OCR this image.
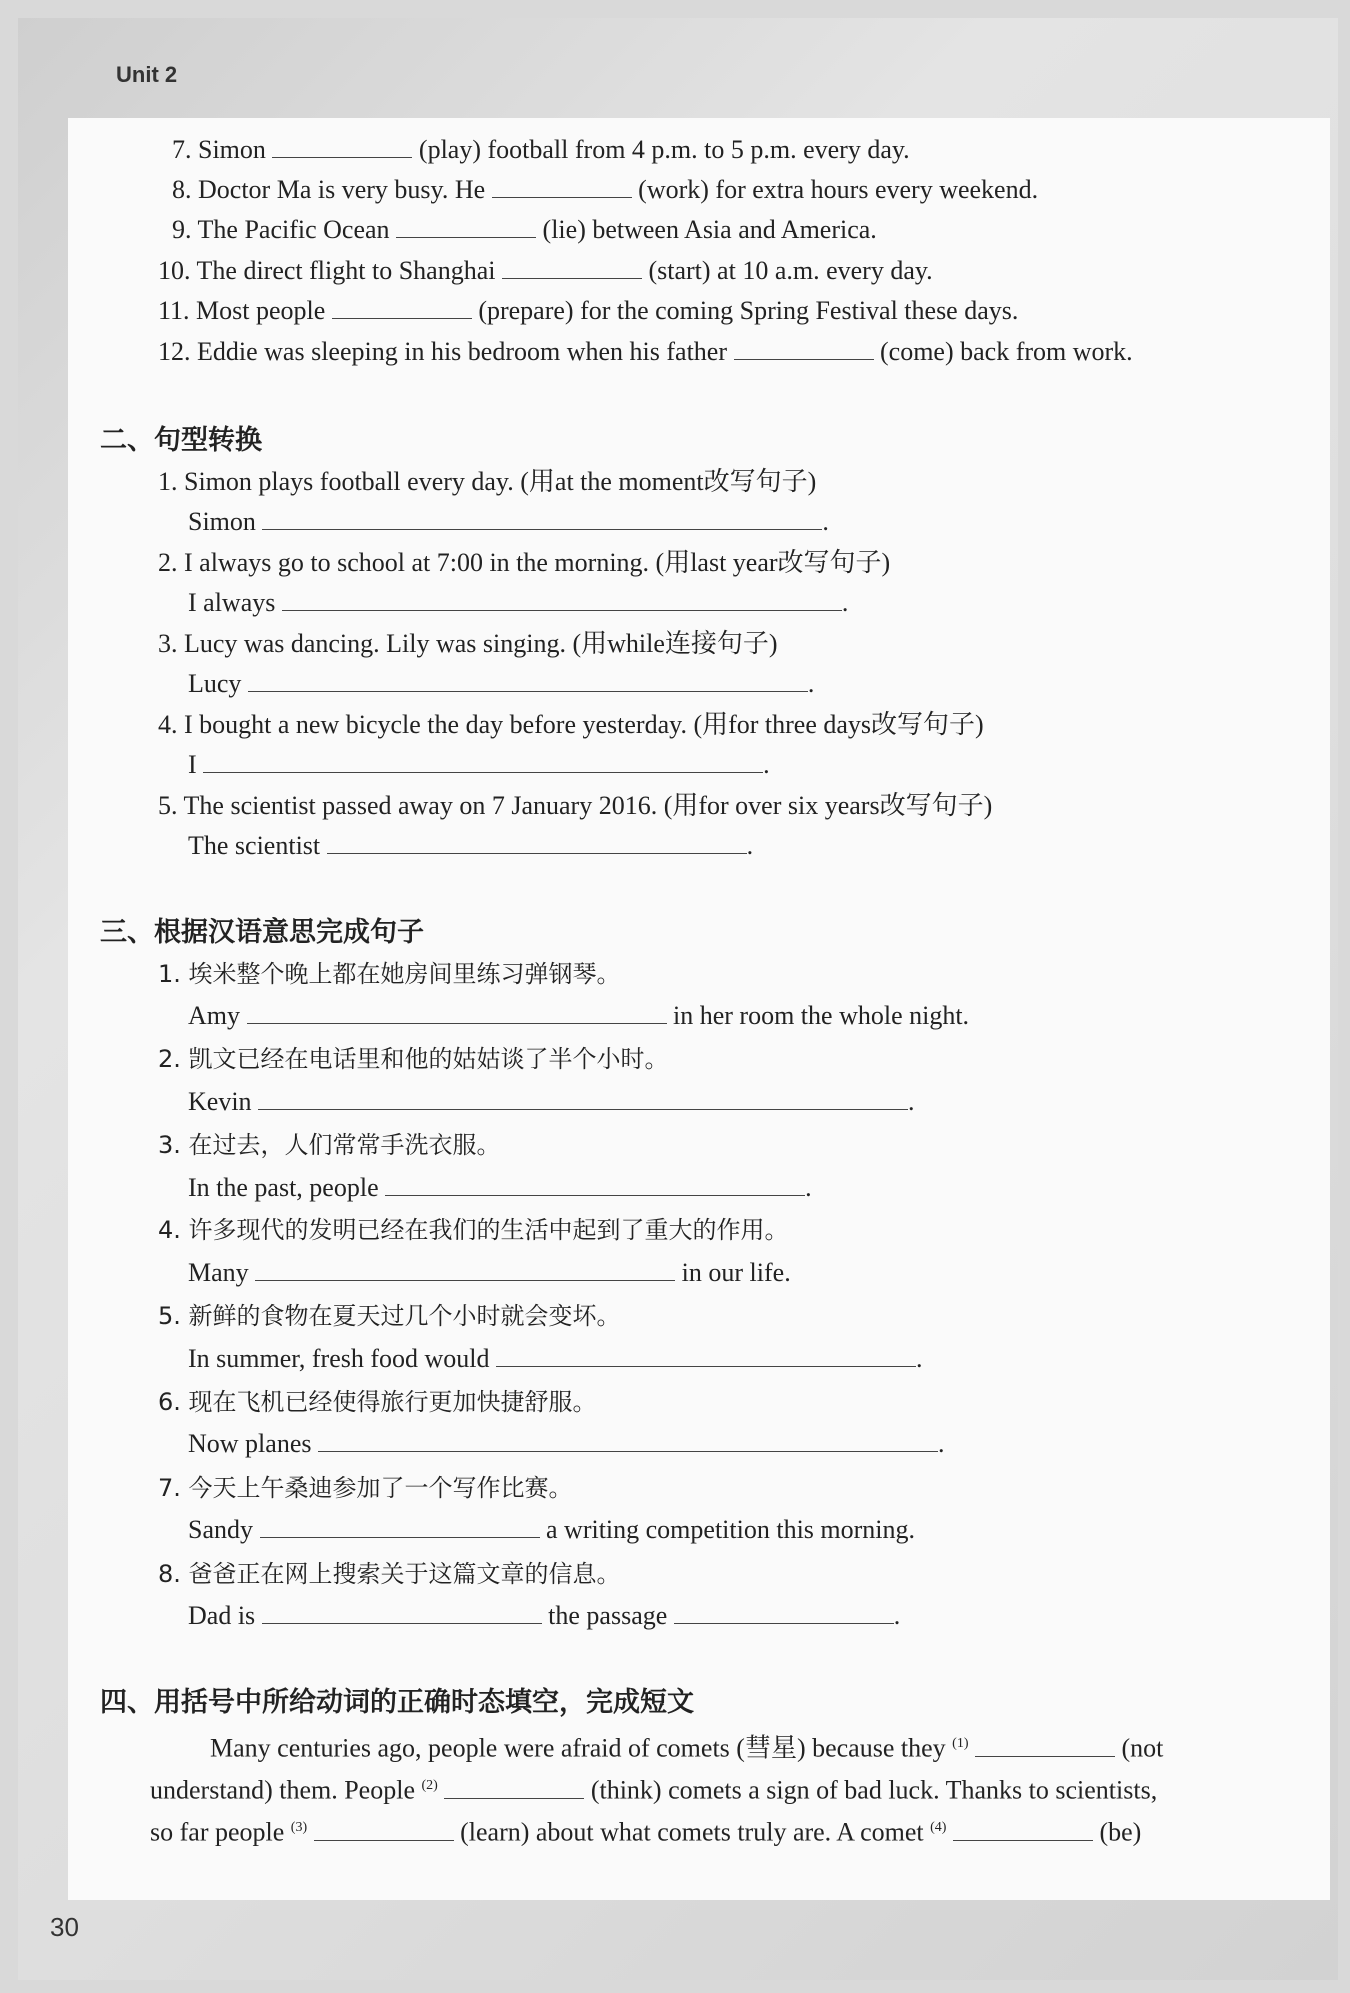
Unit 2
30
7. Simon	(play) football from 4 p.m. to 5 p.m. every day.
8. Doctor Ma is very busy. He	(work) for extra hours every weekend.
9. The Pacific Ocean	(lie) between Asia and America.
10. The direct flight to Shanghai	(start) at 10 a.m. every day.
11. Most people	(prepare) for the coming Spring Festival these days.
12. Eddie was sleeping in his bedroom when his father	(come) back from work.
二、句型转换
1. Simon plays football every day. (用at the moment改写句子)
Simon	.
2. I always go to school at 7:00 in the morning. (用last year改写句子)
I always	.
3. Lucy was dancing. Lily was singing. (用while连接句子)
Lucy	.
4. I bought a new bicycle the day before yesterday. (用for three days改写句子)
I	.
5. The scientist passed away on 7 January 2016. (用for over six years改写句子)
The scientist	.
三、根据汉语意思完成句子
1. 埃米整个晚上都在她房间里练习弹钢琴。
Amy	in her room the whole night.
2. 凯文已经在电话里和他的姑姑谈了半个小时。
Kevin	.
3. 在过去，人们常常手洗衣服。
In the past, people	.
4. 许多现代的发明已经在我们的生活中起到了重大的作用。
Many	in our life.
5. 新鲜的食物在夏天过几个小时就会变坏。
In summer, fresh food would	.
6. 现在飞机已经使得旅行更加快捷舒服。
Now planes	.
7. 今天上午桑迪参加了一个写作比赛。
Sandy	a writing competition this morning.
8. 爸爸正在网上搜索关于这篇文章的信息。
Dad is	the passage	.
四、用括号中所给动词的正确时态填空，完成短文
Many centuries ago, people were afraid of comets (彗星) because they $^{(1)}$	(not
understand) them. People $^{(2)}$	(think) comets a sign of bad luck. Thanks to scientists,
so far people $^{(3)}$	(learn) about what comets truly are. A comet $^{(4)}$	(be)
